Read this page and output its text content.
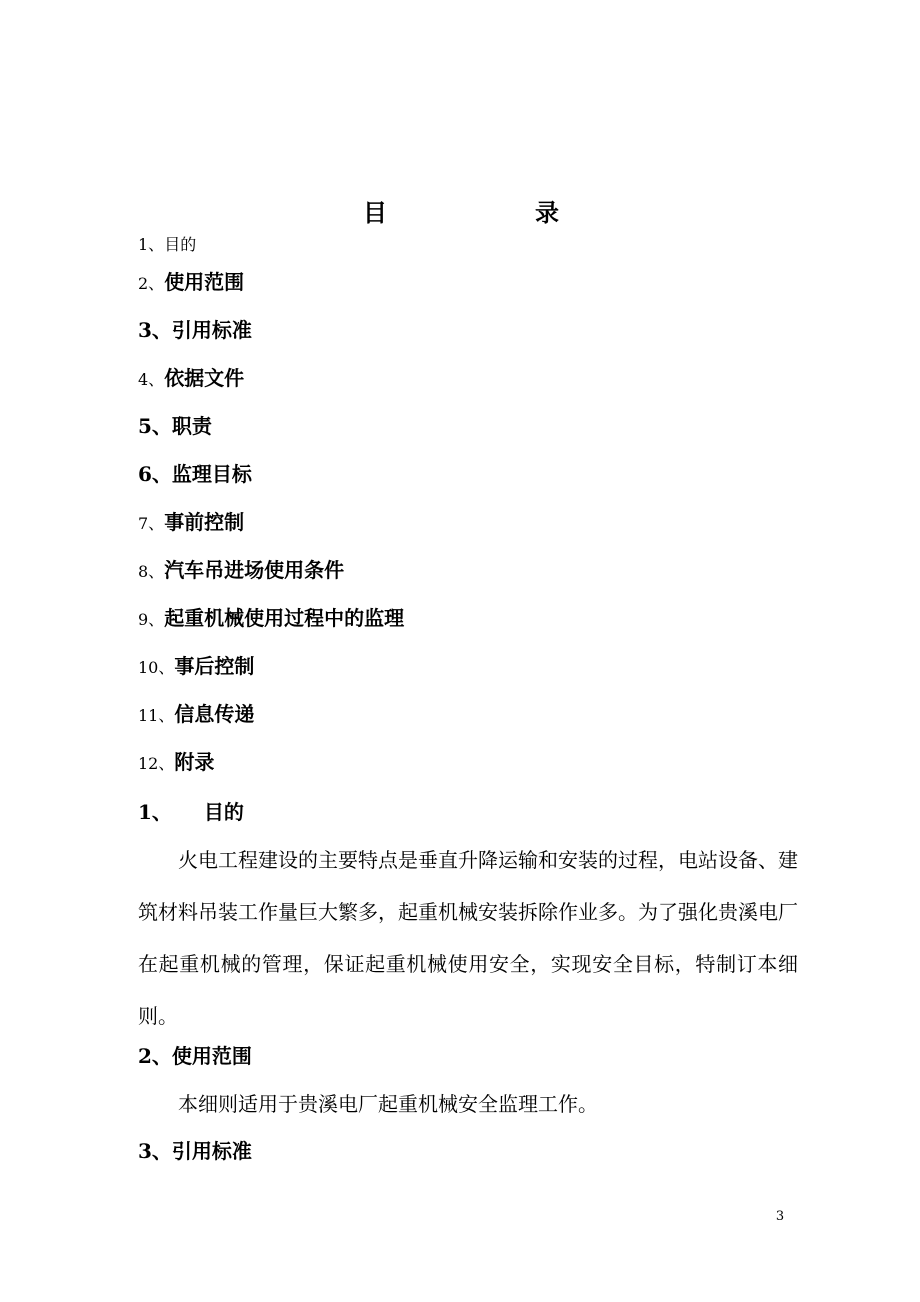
目	录
1、目的
2、使用范围
3、引用标准
4、依据文件
5、职责
6、监理目标
7、事前控制
8、汽车吊进场使用条件
9、起重机械使用过程中的监理
10、事后控制
11、信息传递
12、附录
1、 目的
火电工程建设的主要特点是垂直升降运输和安装的过程，电站设备、建筑材料吊装工作量巨大繁多，起重机械安装拆除作业多。为了强化贵溪电厂在起重机械的管理，保证起重机械使用安全，实现安全目标，特制订本细则。
2、使用范围
本细则适用于贵溪电厂起重机械安全监理工作。
3、引用标准
3
